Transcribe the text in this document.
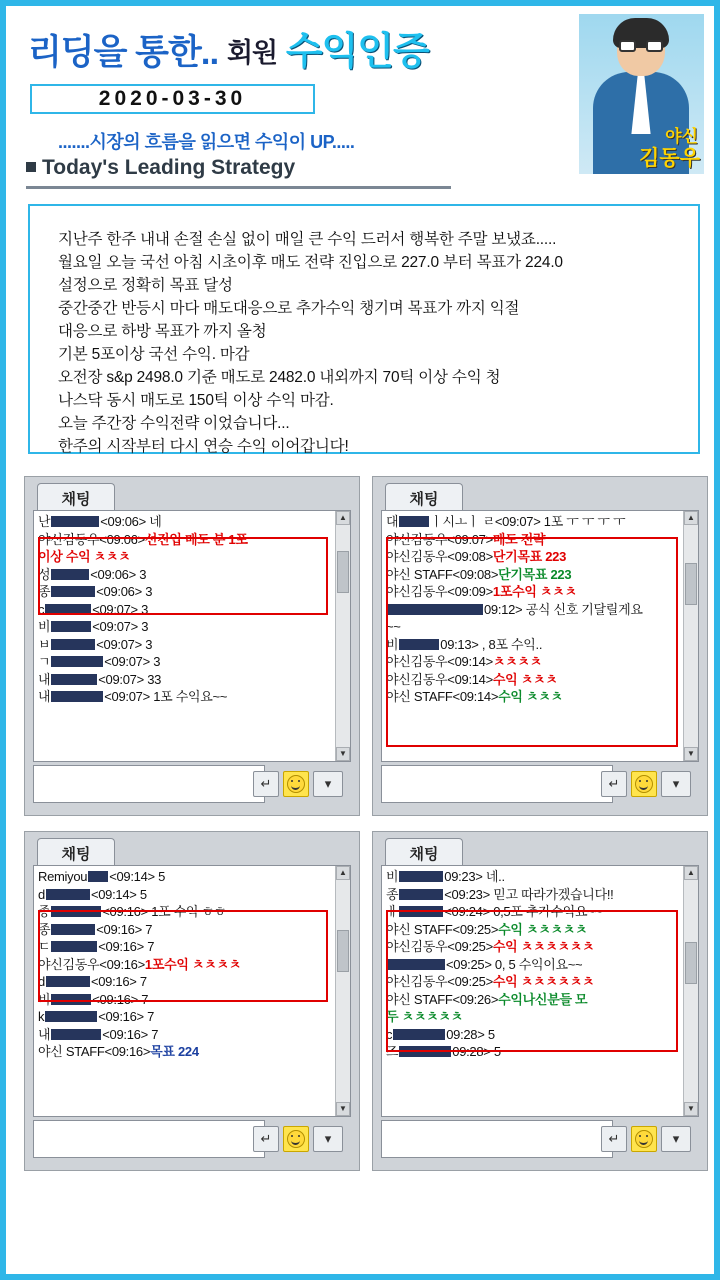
리딩을 통한.. 회원 수익인증
2020-03-30
.......시장의 흐름을 읽으면 수익이 UP.....
Today's Leading Strategy
야신
김동우
지난주 한주 내내 손절 손실 없이 매일 큰 수익 드러서 행복한 주말 보냈죠.....
월요일 오늘 국선 아침 시초이후 매도 전략 진입으로 227.0 부터 목표가 224.0
설정으로 정확히 목표 달성
중간중간 반등시 마다 매도대응으로 추가수익 챙기며 목표가 까지 익절
대응으로 하방 목표가 까지 올청
기본 5포이상 국선 수익. 마감
오전장 s&p 2498.0 기준 매도로 2482.0 내외까지 70틱 이상 수익 청
나스닥 동시 매도로 150틱 이상 수익 마감.
오늘 주간장 수익전략 이었습니다...
한주의 시작부터 다시 연승 수익 이어갑니다!
채팅
난	<09:06> 네
야신김동우<09:06>선진입 매도 분 1포
이상 수익 ㅊㅊㅊ
성	<09:06> 3
종	<09:06> 3
c	<09:07> 3
비	<09:07> 3
ㅂ	<09:07> 3
ㄱ	<09:07> 3
내	<09:07> 33
내	<09:07> 1포 수익요~~
▲
▼
↵	▾
채팅
대 ㅣ시ㅗㅣ ㄹ<09:07> 1포 ㅜ ㅜ ㅜ ㅜ
야신김동우<09:07>매도 전략
야신김동우<09:08>단기목표 223
야신 STAFF<09:08>단기목표 223
야신김동우<09:09>1포수익 ㅊㅊㅊ
09:12> 공식 신호 기달릴게요
~~
비	09:13> , 8포 수익..
야신김동우<09:14>ㅊㅊㅊㅊ
야신김동우<09:14>수익 ㅊㅊㅊ
야신 STAFF<09:14>수익 ㅊㅊㅊ
▲
▼
↵	▾
채팅
Remiyou <09:14> 5
d	<09:14> 5
종	<09:16> 1포 수익 ㅎㅎ
종	<09:16> 7
ㄷ	<09:16> 7
야신김동우<09:16>1포수익 ㅊㅊㅊㅊ
d	<09:16> 7
비	<09:16> 7
k	<09:16> 7
내	<09:16> 7
야신 STAFF<09:16>목표 224
▲
▼
↵	▾
채팅
비	09:23> 네..
종	<09:23> 믿고 따라가겠습니다!!
ㅐ	<09:24> 0,5포 추가수익요~~
야신 STAFF<09:25>수익 ㅊㅊㅊㅊㅊ
야신김동우<09:25>수익 ㅊㅊㅊㅊㅊㅊ
<09:25> 0, 5 수익이요~~
야신김동우<09:25>수익 ㅊㅊㅊㅊㅊㅊ
야신 STAFF<09:26>수익나신분들 모
두 ㅊㅊㅊㅊㅊ
c	09:28> 5
즈	09:28> 5
▲
▼
↵	▾
